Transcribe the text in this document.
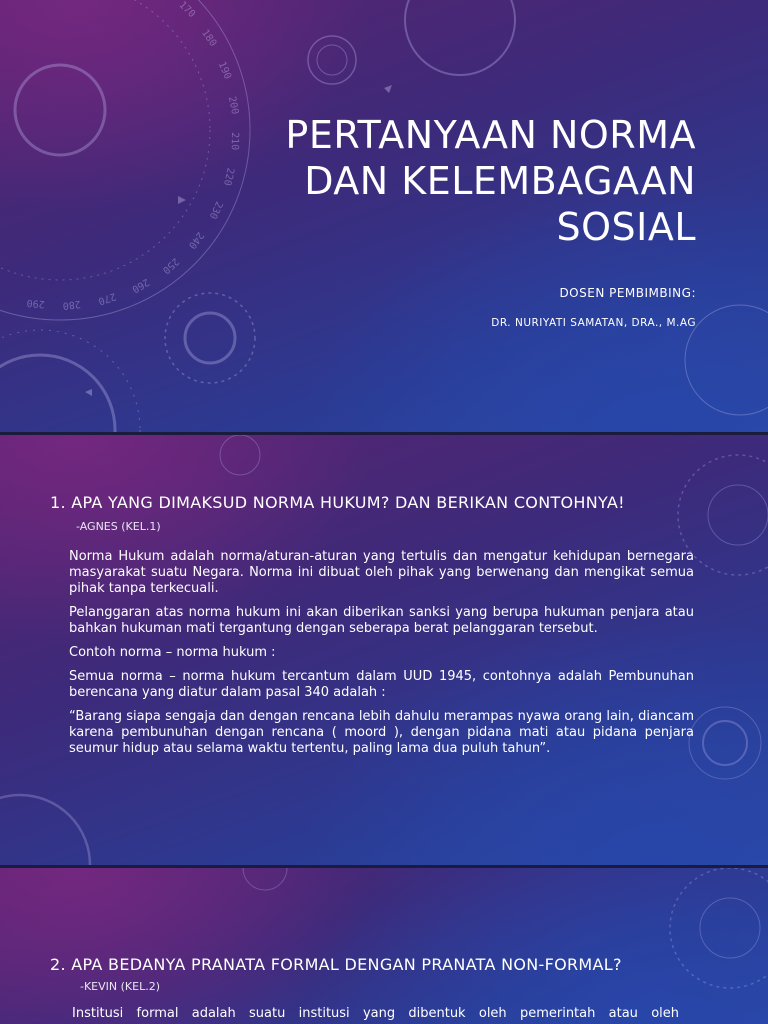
170
180
190
200
210
220
230
240
250
260
270
280
290
PERTANYAAN NORMA
DAN KELEMBAGAAN
SOSIAL

DOSEN PEMBIMBING:

DR. NURIYATI SAMATAN, DRA., M.AG

1. APA YANG DIMAKSUD NORMA HUKUM? DAN BERIKAN CONTOHNYA!

-AGNES (KEL.1)

Norma Hukum adalah norma/aturan-aturan yang tertulis dan mengatur kehidupan bernegara masyarakat suatu Negara. Norma ini dibuat oleh pihak yang berwenang dan mengikat semua pihak tanpa terkecuali.

Pelanggaran atas norma hukum ini akan diberikan sanksi yang berupa hukuman penjara atau bahkan hukuman mati tergantung dengan seberapa berat pelanggaran tersebut.

Contoh norma – norma hukum :

Semua norma – norma hukum tercantum dalam UUD 1945, contohnya adalah Pembunuhan berencana yang diatur dalam pasal 340 adalah :

“Barang siapa sengaja dan dengan rencana lebih dahulu merampas nyawa orang lain, diancam karena pembunuhan dengan rencana ( moord ), dengan pidana mati atau pidana penjara seumur hidup atau selama waktu tertentu, paling lama dua puluh tahun”.

2. APA BEDANYA PRANATA FORMAL DENGAN PRANATA NON-FORMAL?

-KEVIN (KEL.2)

Institusi formal adalah suatu institusi yang dibentuk oleh pemerintah atau oleh
